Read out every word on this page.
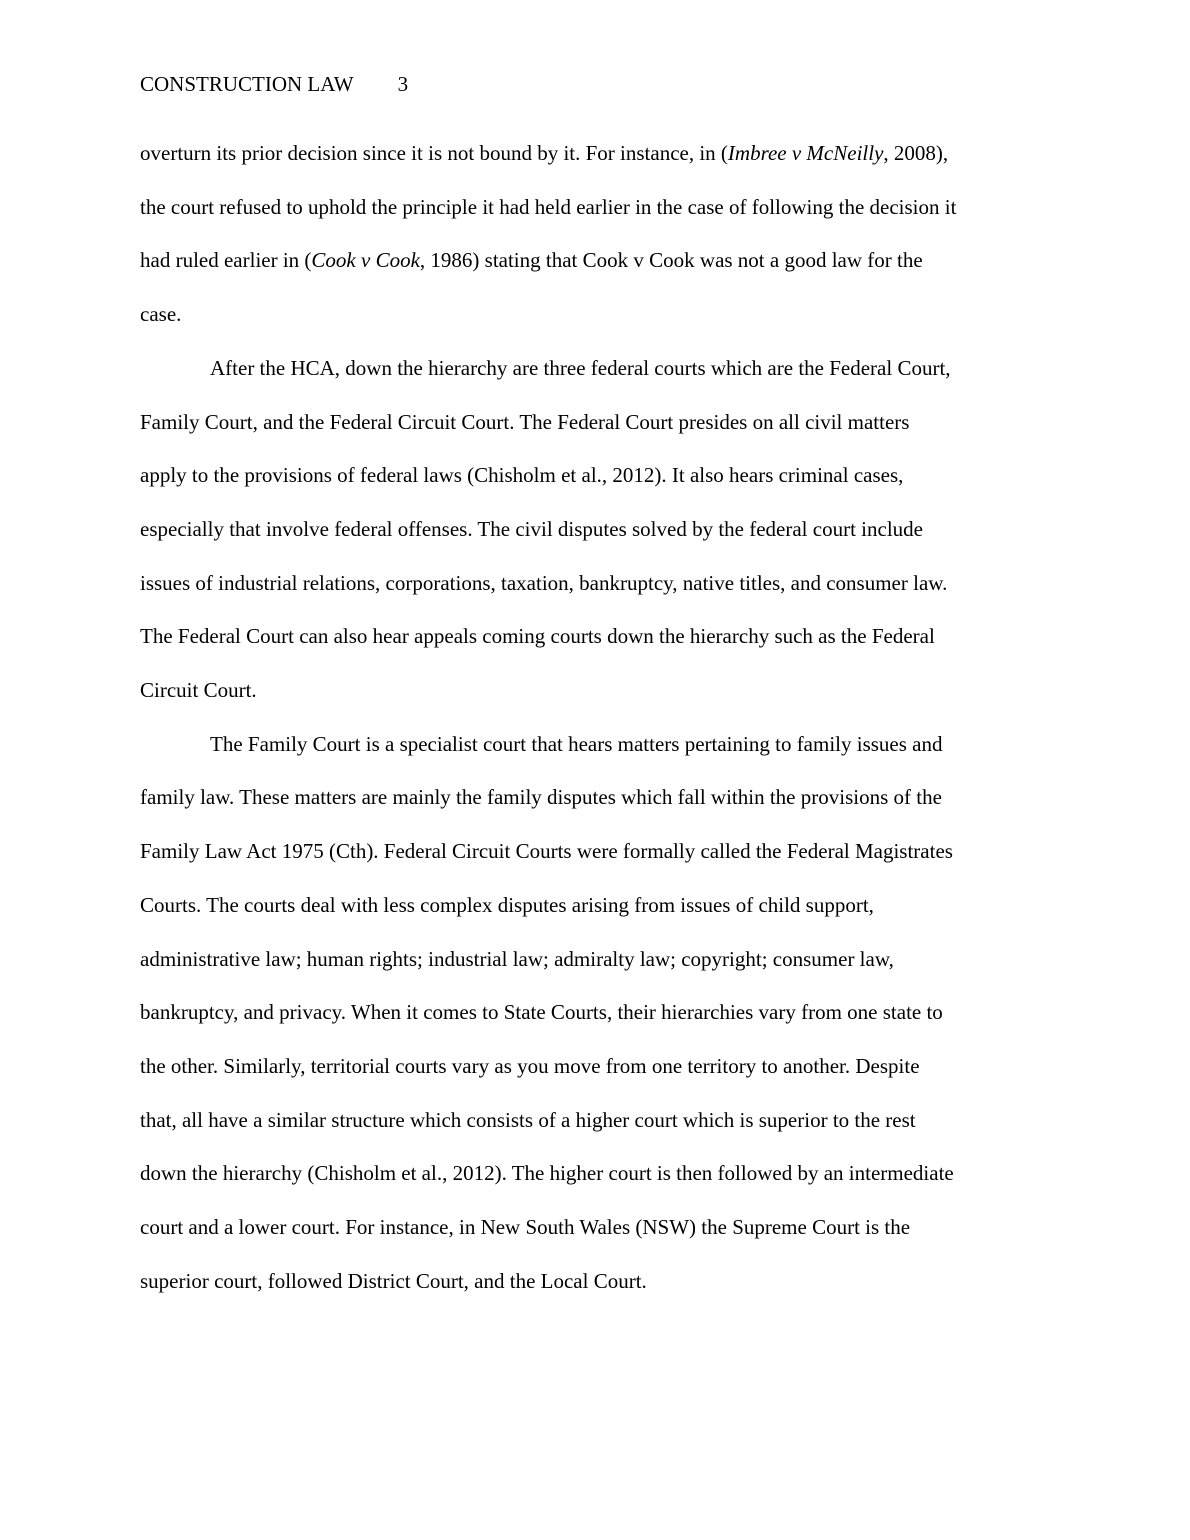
CONSTRUCTION LAW 3
overturn its prior decision since it is not bound by it. For instance, in (Imbree v McNeilly, 2008),
the court refused to uphold the principle it had held earlier in the case of following the decision it
had ruled earlier in (Cook v Cook, 1986) stating that Cook v Cook was not a good law for the
case.
After the HCA, down the hierarchy are three federal courts which are the Federal Court,
Family Court, and the Federal Circuit Court. The Federal Court presides on all civil matters
apply to the provisions of federal laws (Chisholm et al., 2012). It also hears criminal cases,
especially that involve federal offenses. The civil disputes solved by the federal court include
issues of industrial relations, corporations, taxation, bankruptcy, native titles, and consumer law.
The Federal Court can also hear appeals coming courts down the hierarchy such as the Federal
Circuit Court.
The Family Court is a specialist court that hears matters pertaining to family issues and
family law. These matters are mainly the family disputes which fall within the provisions of the
Family Law Act 1975 (Cth). Federal Circuit Courts were formally called the Federal Magistrates
Courts. The courts deal with less complex disputes arising from issues of child support,
administrative law; human rights; industrial law; admiralty law; copyright; consumer law,
bankruptcy, and privacy. When it comes to State Courts, their hierarchies vary from one state to
the other. Similarly, territorial courts vary as you move from one territory to another. Despite
that, all have a similar structure which consists of a higher court which is superior to the rest
down the hierarchy (Chisholm et al., 2012). The higher court is then followed by an intermediate
court and a lower court. For instance, in New South Wales (NSW) the Supreme Court is the
superior court, followed District Court, and the Local Court.
